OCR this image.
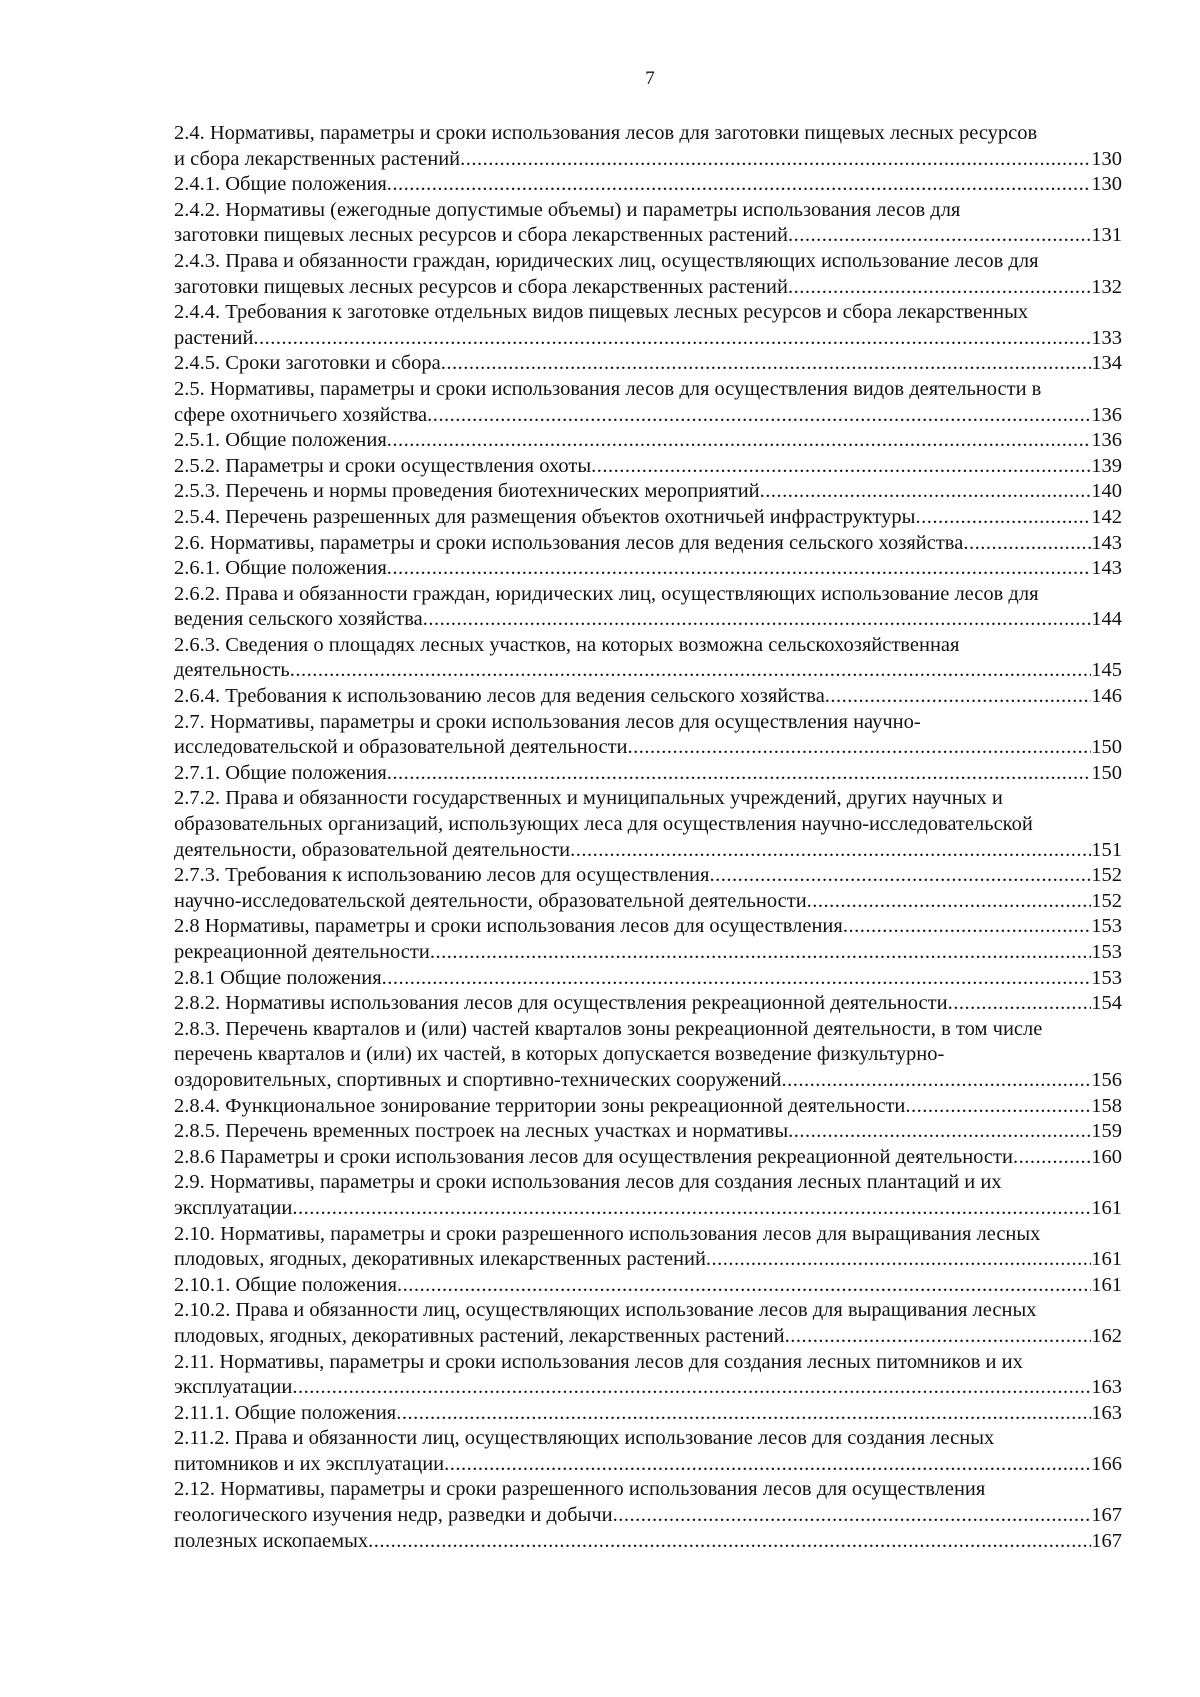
7
2.4. Нормативы, параметры и сроки использования лесов для заготовки пищевых лесных ресурсов
и сбора лекарственных растений .....	130
2.4.1. Общие положения .....	130
2.4.2. Нормативы (ежегодные допустимые объемы) и параметры использования лесов для
заготовки пищевых лесных ресурсов и сбора лекарственных растений .....	131
2.4.3. Права и обязанности граждан, юридических лиц, осуществляющих использование лесов для
заготовки пищевых лесных ресурсов и сбора лекарственных растений .....	132
2.4.4. Требования к заготовке отдельных видов пищевых лесных ресурсов и сбора лекарственных
растений .....	133
2.4.5. Сроки заготовки и сбора .....	134
2.5. Нормативы, параметры и сроки использования лесов для осуществления видов деятельности в
сфере охотничьего хозяйства .....	136
2.5.1. Общие положения .....	136
2.5.2. Параметры и сроки осуществления охоты .....	139
2.5.3. Перечень и нормы проведения биотехнических мероприятий .....	140
2.5.4. Перечень разрешенных для размещения объектов охотничьей инфраструктуры .....	142
2.6. Нормативы, параметры и сроки использования лесов для ведения сельского хозяйства .....	143
2.6.1. Общие положения .....	143
2.6.2. Права и обязанности граждан, юридических лиц, осуществляющих использование лесов для
ведения сельского хозяйства .....	144
2.6.3. Сведения о площадях лесных участков, на которых возможна сельскохозяйственная
деятельность .....	145
2.6.4. Требования к использованию лесов для ведения сельского хозяйства .....	146
2.7. Нормативы, параметры и сроки использования лесов для осуществления научно-
исследовательской и образовательной деятельности .....	150
2.7.1. Общие положения .....	150
2.7.2. Права и обязанности государственных и муниципальных учреждений, других научных и
образовательных организаций, использующих леса для осуществления научно-исследовательской
деятельности, образовательной деятельности .....	151
2.7.3. Требования к использованию лесов для осуществления .....	152
научно-исследовательской деятельности, образовательной деятельности .....	152
2.8 Нормативы, параметры и сроки использования лесов для осуществления .....	153
рекреационной деятельности .....	153
2.8.1 Общие положения .....	153
2.8.2. Нормативы использования лесов для осуществления рекреационной деятельности .....	154
2.8.3. Перечень кварталов и (или) частей кварталов зоны рекреационной деятельности, в том числе
перечень кварталов и (или) их частей, в которых допускается возведение физкультурно-
оздоровительных, спортивных и спортивно-технических сооружений .....	156
2.8.4. Функциональное зонирование территории зоны рекреационной деятельности .....	158
2.8.5. Перечень временных построек на лесных участках и нормативы .....	159
2.8.6 Параметры и сроки использования лесов для осуществления рекреационной деятельности .....	160
2.9. Нормативы, параметры и сроки использования лесов для создания лесных плантаций и их
эксплуатации .....	161
2.10. Нормативы, параметры и сроки разрешенного использования лесов для выращивания лесных
плодовых, ягодных, декоративных илекарственных растений .....	161
2.10.1. Общие положения .....	161
2.10.2. Права и обязанности лиц, осуществляющих использование лесов для выращивания лесных
плодовых, ягодных, декоративных растений, лекарственных растений .....	162
2.11. Нормативы, параметры и сроки использования лесов для создания лесных питомников и их
эксплуатации .....	163
2.11.1. Общие положения .....	163
2.11.2. Права и обязанности лиц, осуществляющих использование лесов для создания лесных
питомников и их эксплуатации .....	166
2.12. Нормативы, параметры и сроки разрешенного использования лесов для осуществления
геологического изучения недр, разведки и добычи .....	167
полезных ископаемых .....	167
